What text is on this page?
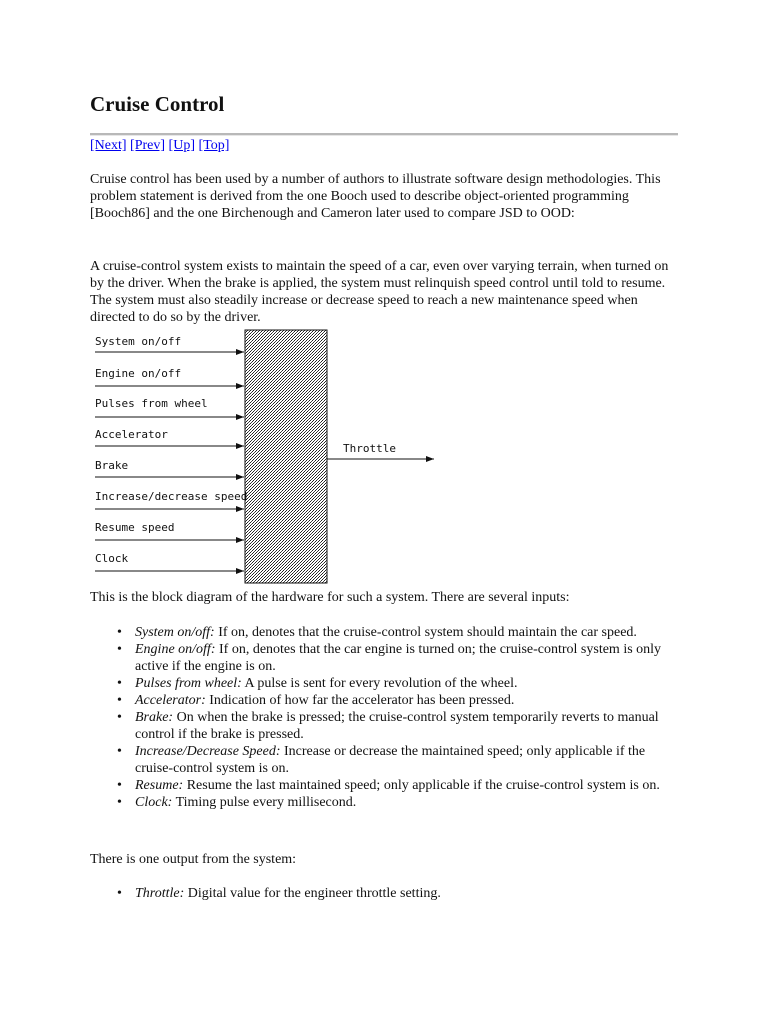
Cruise Control
[Next] [Prev] [Up] [Top]

Cruise control has been used by a number of authors to illustrate software design methodologies. This problem statement is derived from the one Booch used to describe object-oriented programming [Booch86] and the one Birchenough and Cameron later used to compare JSD to OOD:

A cruise-control system exists to maintain the speed of a car, even over varying terrain, when turned on by the driver. When the brake is applied, the system must relinquish speed control until told to resume. The system must also steadily increase or decrease speed to reach a new maintenance speed when directed to do so by the driver.

This is the block diagram of the hardware for such a system. There are several inputs:

• System on/off: If on, denotes that the cruise-control system should maintain the car speed.
• Engine on/off: If on, denotes that the car engine is turned on; the cruise-control system is only active if the engine is on.
• Pulses from wheel: A pulse is sent for every revolution of the wheel.
• Accelerator: Indication of how far the accelerator has been pressed.
• Brake: On when the brake is pressed; the cruise-control system temporarily reverts to manual control if the brake is pressed.
• Increase/Decrease Speed: Increase or decrease the maintained speed; only applicable if the cruise-control system is on.
• Resume: Resume the last maintained speed; only applicable if the cruise-control system is on.
• Clock: Timing pulse every millisecond.

There is one output from the system:

• Throttle: Digital value for the engineer throttle setting.
System on/off
Engine on/off
Pulses from wheel
Accelerator
Brake
Increase/decrease speed
Resume speed
Clock
Throttle
